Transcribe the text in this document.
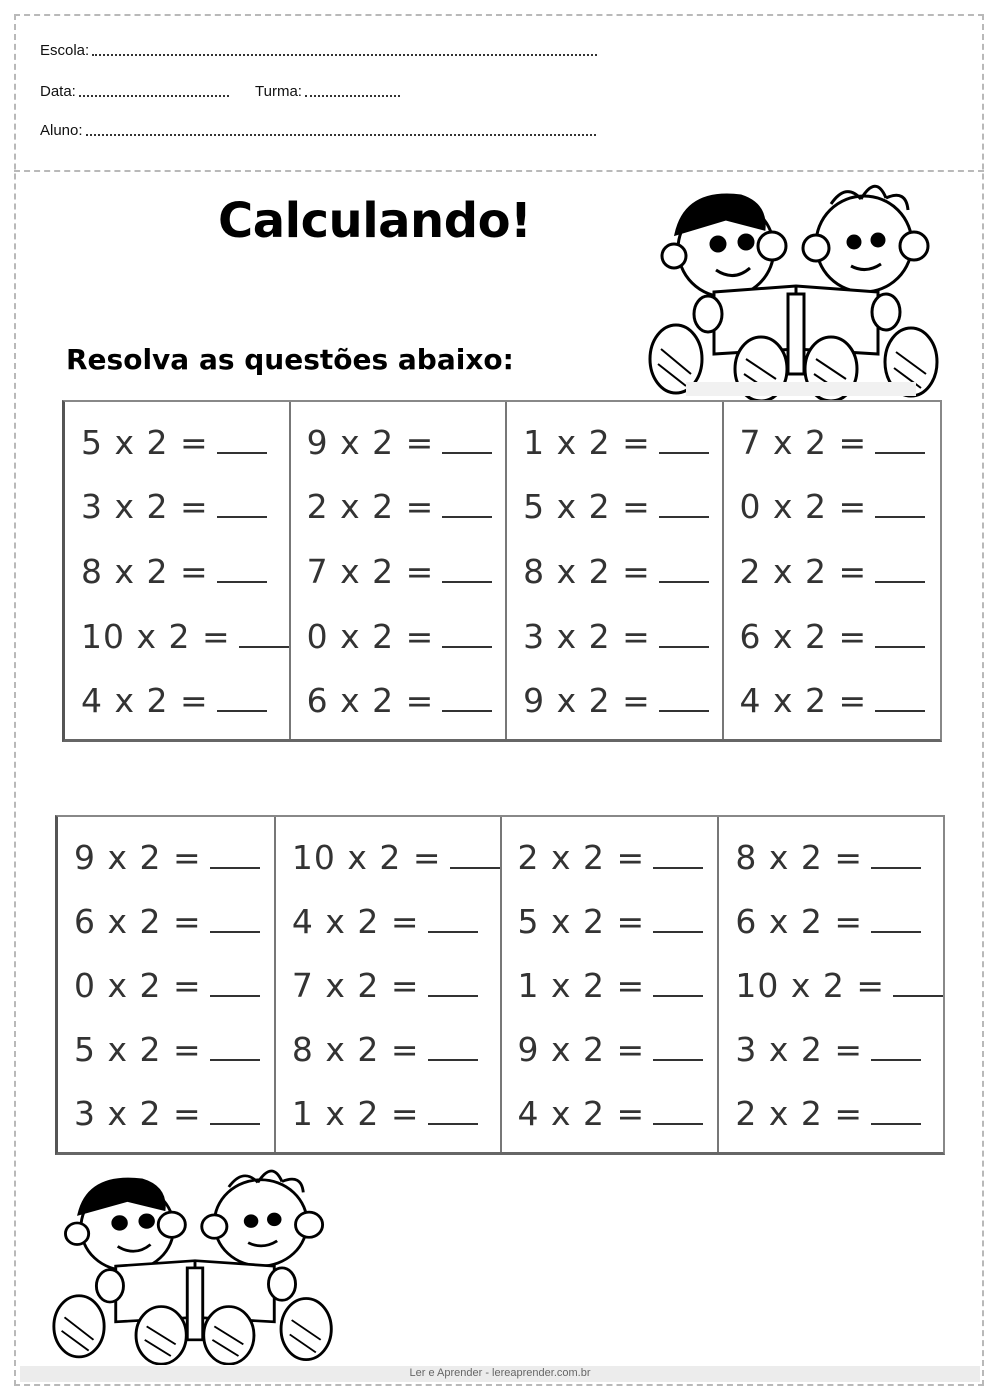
Escola:
Data:	Turma:
Aluno:
Calculando!
Resolva as questões abaixo:
5 x 2 =
3 x 2 =
8 x 2 =
10 x 2 =
4 x 2 =
9 x 2 =
2 x 2 =
7 x 2 =
0 x 2 =
6 x 2 =
1 x 2 =
5 x 2 =
8 x 2 =
3 x 2 =
9 x 2 =
7 x 2 =
0 x 2 =
2 x 2 =
6 x 2 =
4 x 2 =
9 x 2 =
6 x 2 =
0 x 2 =
5 x 2 =
3 x 2 =
10 x 2 =
4 x 2 =
7 x 2 =
8 x 2 =
1 x 2 =
2 x 2 =
5 x 2 =
1 x 2 =
9 x 2 =
4 x 2 =
8 x 2 =
6 x 2 =
10 x 2 =
3 x 2 =
2 x 2 =
Ler e Aprender - lereaprender.com.br
